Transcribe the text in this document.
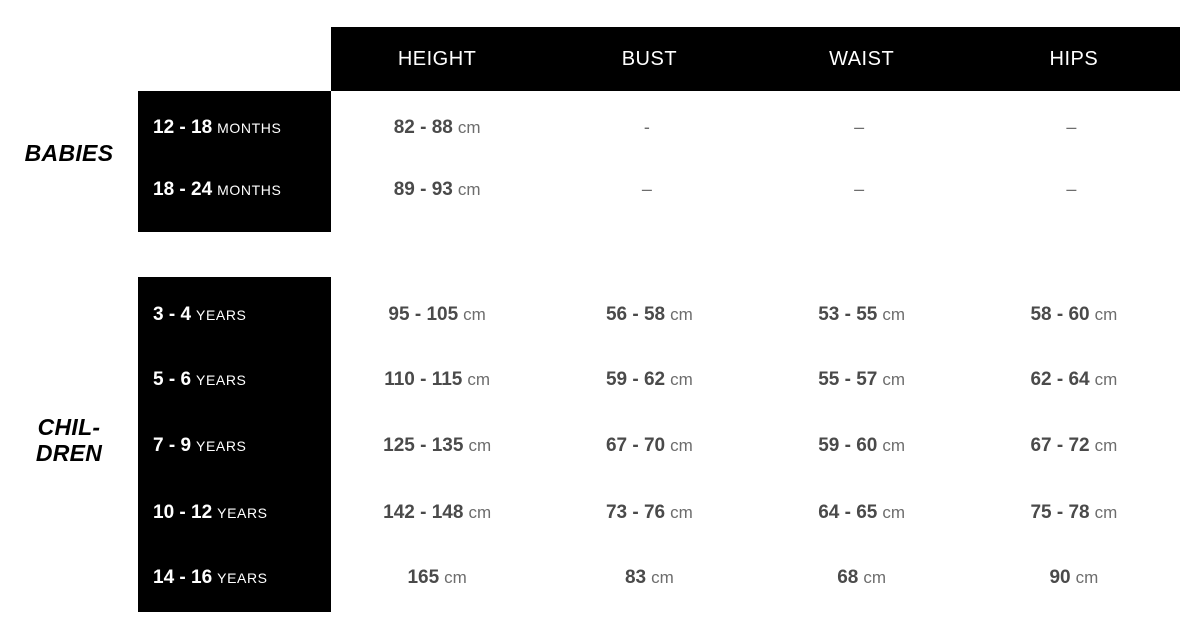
HEIGHT	BUST	WAIST	HIPS
BABIES
CHIL-
DREN
12 - 18 MONTHS	82 - 88 cm	-	–	–
18 - 24 MONTHS	89 - 93 cm	–	–	–
3 - 4 YEARS	95 - 105 cm	56 - 58 cm	53 - 55 cm	58 - 60 cm
5 - 6 YEARS	110 - 115 cm	59 - 62 cm	55 - 57 cm	62 - 64 cm
7 - 9 YEARS	125 - 135 cm	67 - 70 cm	59 - 60 cm	67 - 72 cm
10 - 12 YEARS	142 - 148 cm	73 - 76 cm	64 - 65 cm	75 - 78 cm
14 - 16 YEARS	165 cm	83 cm	68 cm	90 cm
